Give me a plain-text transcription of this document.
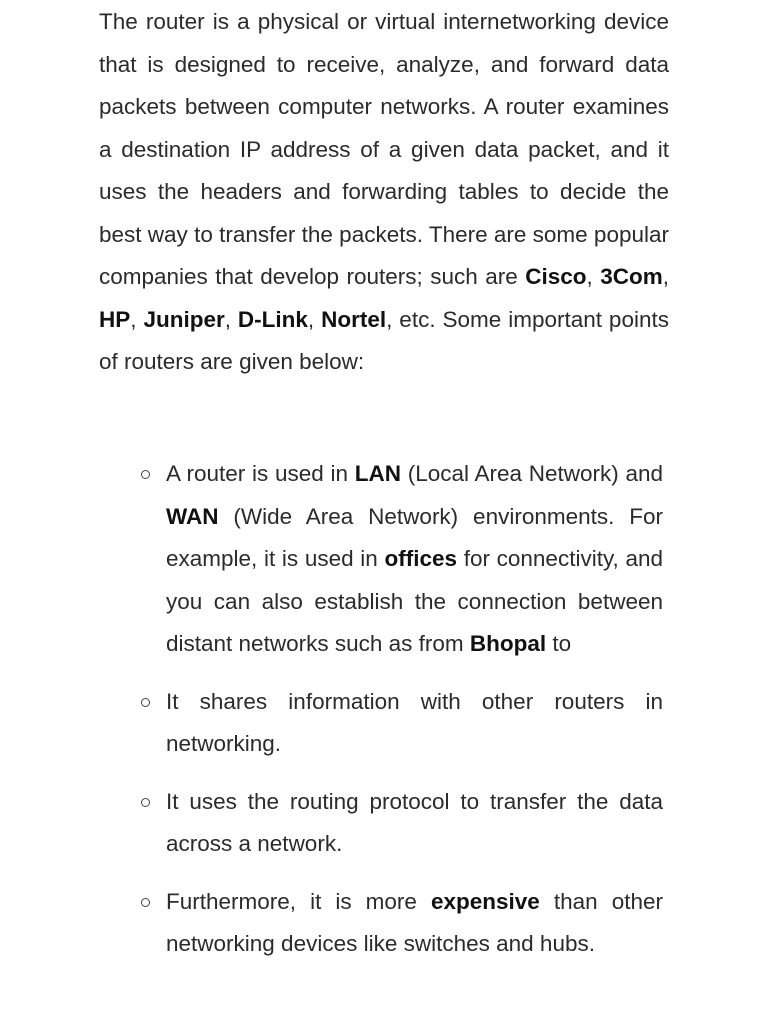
The router is a physical or virtual internetworking device that is designed to receive, analyze, and forward data packets between computer networks. A router examines a destination IP address of a given data packet, and it uses the headers and forwarding tables to decide the best way to transfer the packets. There are some popular companies that develop routers; such are Cisco, 3Com, HP, Juniper, D-Link, Nortel, etc. Some important points of routers are given below:

A router is used in LAN (Local Area Network) and WAN (Wide Area Network) environments. For example, it is used in offices for connectivity, and you can also establish the connection between distant networks such as from Bhopal to
It shares information with other routers in networking.
It uses the routing protocol to transfer the data across a network.
Furthermore, it is more expensive than other networking devices like switches and hubs.
